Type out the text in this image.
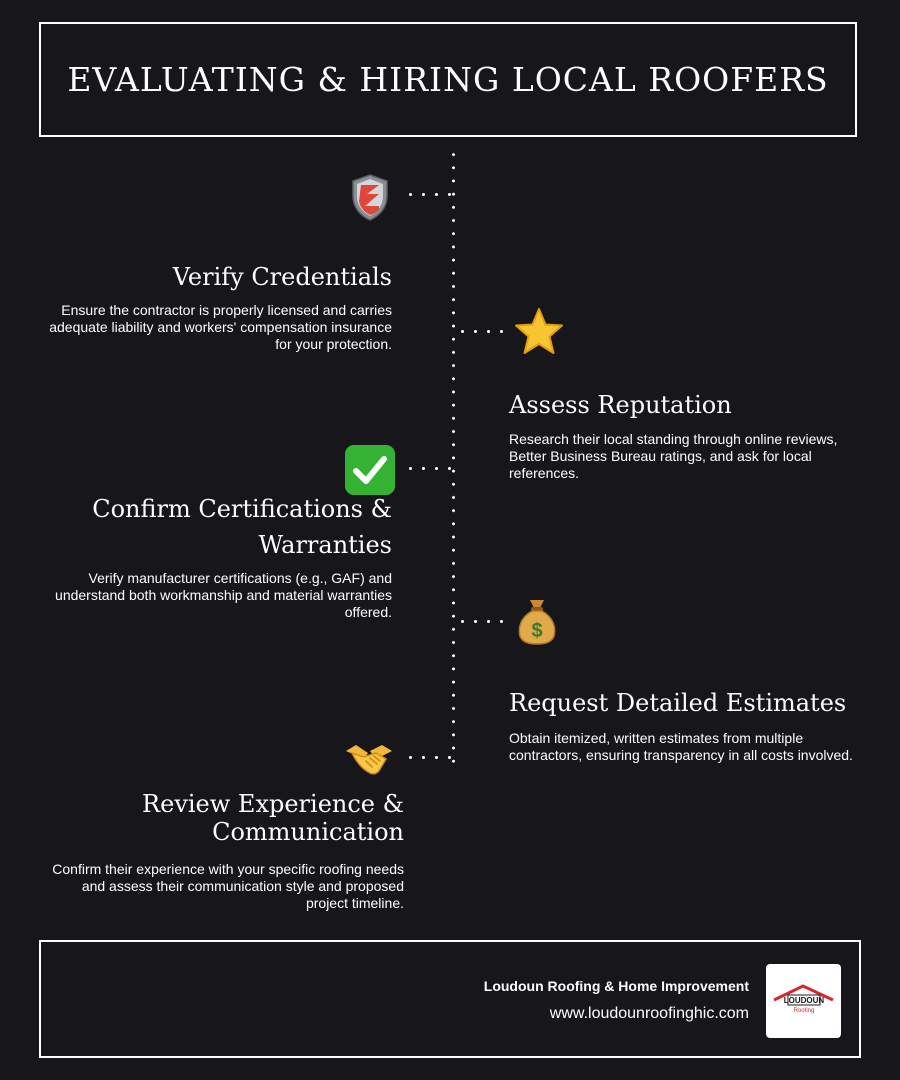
EVALUATING & HIRING LOCAL ROOFERS
Verify Credentials

Ensure the contractor is properly licensed and carries adequate liability and workers' compensation insurance for your protection.

Assess Reputation

Research their local standing through online reviews, Better Business Bureau ratings, and ask for local references.

Confirm Certifications & Warranties

Verify manufacturer certifications (e.g., GAF) and understand both workmanship and material warranties offered.

$
Request Detailed Estimates

Obtain itemized, written estimates from multiple contractors, ensuring transparency in all costs involved.

Review Experience & Communication

Confirm their experience with your specific roofing needs and assess their communication style and proposed project timeline.

Loudoun Roofing & Home Improvement
www.loudounroofinghic.com
LOUDOUN
Roofing
